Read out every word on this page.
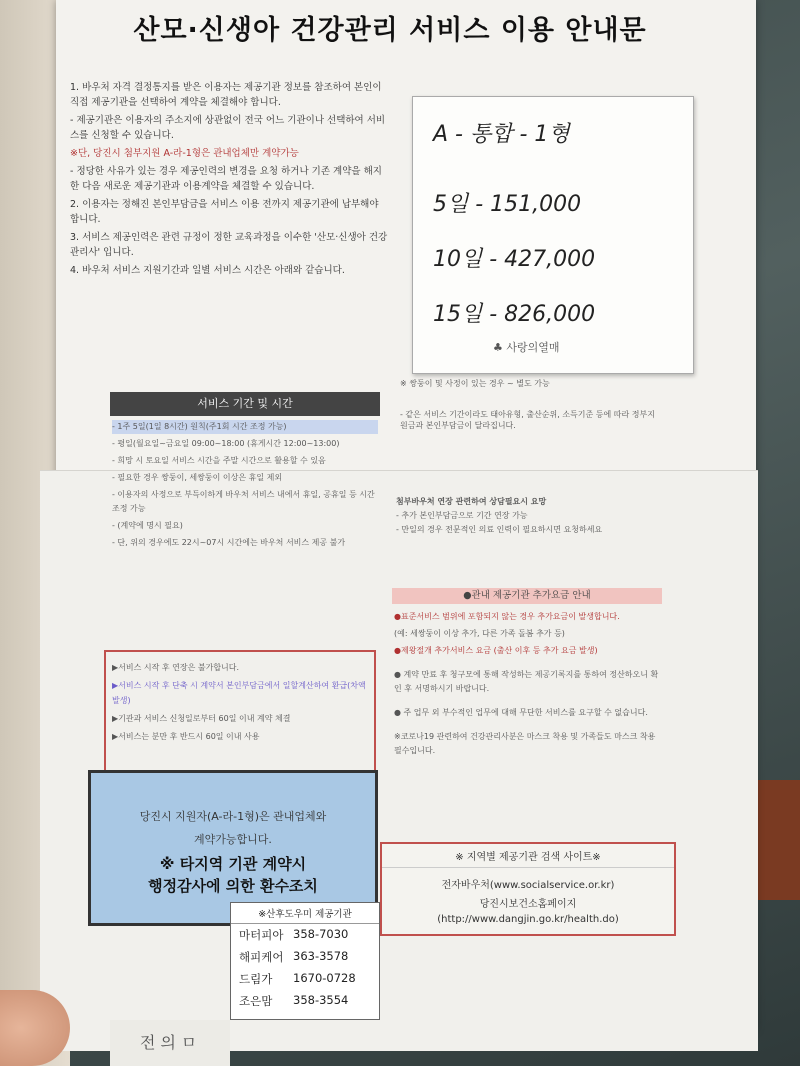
산모·신생아 건강관리 서비스 이용 안내문

1. 바우처 자격 결정통지를 받은 이용자는 제공기관 정보를 참조하여 본인이 직접 제공기관을 선택하여 계약을 체결해야 합니다.

- 제공기관은 이용자의 주소지에 상관없이 전국 어느 기관이나 선택하여 서비스를 신청할 수 있습니다.

※단, 당진시 첨부지원 A-라-1형은 관내업체만 계약가능

- 정당한 사유가 있는 경우 제공인력의 변경을 요청 하거나 기존 계약을 해지한 다음 새로운 제공기관과 이용계약을 체결할 수 있습니다.

2. 이용자는 정해진 본인부담금을 서비스 이용 전까지 제공기관에 납부해야 합니다.

3. 서비스 제공인력은 관련 규정이 정한 교육과정을 이수한 '산모·신생아 건강관리사' 입니다.

4. 바우처 서비스 지원기간과 일별 서비스 시간은 아래와 같습니다.

A - 통합 - 1형
5일 - 151,000
10일 - 427,000
15일 - 826,000
♣ 사랑의열매

※ 쌍둥이 및 사정이 있는 경우 ~ 별도 가능

- 같은 서비스 기간이라도 태아유형, 출산순위, 소득기준 등에 따라 정부지원금과 본인부담금이 달라집니다.

서비스 기간 및 시간

- 1주 5일(1일 8시간) 원칙(주1회 시간 조정 가능)

- 평일(월요일~금요일 09:00~18:00 (휴게시간 12:00~13:00)

- 희망 시 토요일 서비스 시간을 주말 시간으로 활용할 수 있음

- 필요한 경우 쌍둥이, 세쌍둥이 이상은 휴일 제외

- 이용자의 사정으로 부득이하게 바우처 서비스 내에서 휴일, 공휴일 등 시간 조정 가능

- (계약에 명시 필요)

- 단, 위의 경우에도 22시~07시 시간에는 바우처 서비스 제공 불가

첨부바우처 연장 관련하여 상담필요시 요망

- 추가 본인부담금으로 기간 연장 가능

- 만일의 경우 전문적인 의료 인력이 필요하시면 요청하세요

●관내 제공기관 추가요금 안내

●표준서비스 범위에 포함되지 않는 경우 추가요금이 발생합니다.

(예: 세쌍둥이 이상 추가, 다른 가족 돌봄 추가 등)

●제왕절개 추가서비스 요금 (출산 이후 등 추가 요금 발생)

● 계약 만료 후 청구모에 통해 작성하는 제공기록지를 통하여 정산하오니 확인 후 서명하시기 바랍니다.

● 주 업무 외 부수적인 업무에 대해 무단한 서비스를 요구할 수 없습니다.

※코로나19 관련하여 건강관리사분은 마스크 착용 및 가족들도 마스크 착용 필수입니다.

▶서비스 시작 후 연장은 불가합니다.

▶서비스 시작 후 단축 시 계약서 본인부담금에서 일할계산하여 환급(차액발생)

▶기관과 서비스 신청일로부터 60일 이내 계약 체결

▶서비스는 분만 후 반드시 60일 이내 사용

당진시 지원자(A-라-1형)은 관내업체와
계약가능합니다.
※ 타지역 기관 계약시
행정감사에 의한 환수조치
※ 지역별 제공기관 검색 사이트※
전자바우처(www.socialservice.or.kr)
당진시보건소홈페이지
(http://www.dangjin.go.kr/health.do)
※산후도우미 제공기관
마터피아 358-7030
해피케어 363-3578
드림가	1670-0728
조은맘	358-3554
전 의 ㅁ
